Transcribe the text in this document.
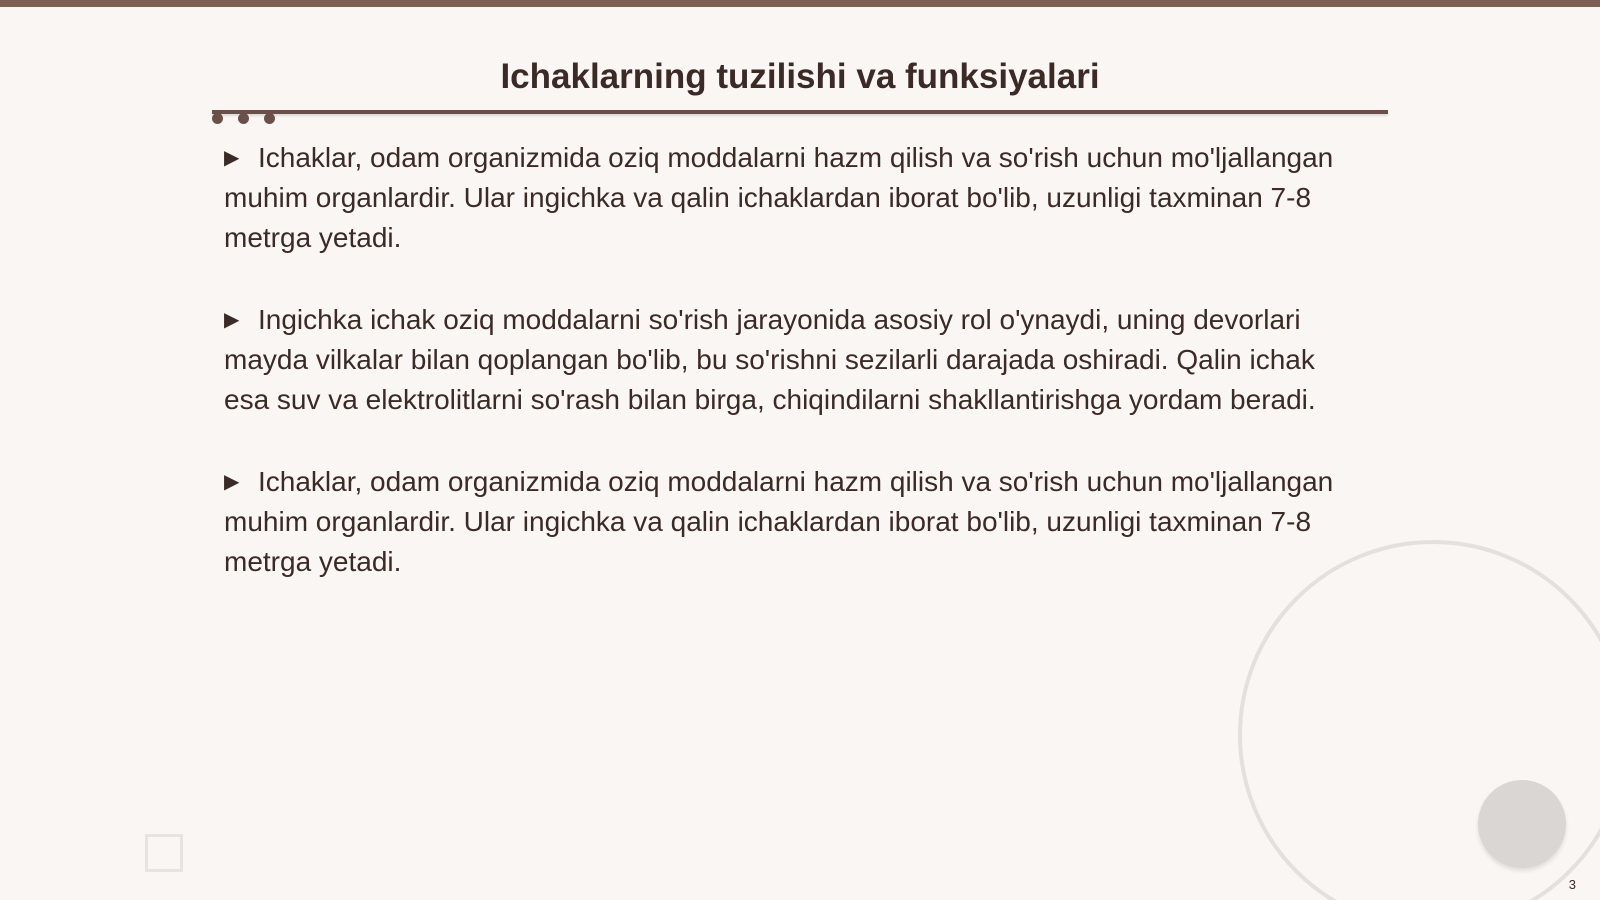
Ichaklarning tuzilishi va funksiyalari
▶ Ichaklar, odam organizmida oziq moddalarni hazm qilish va so'rish uchun mo'ljallangan muhim organlardir. Ular ingichka va qalin ichaklardan iborat bo'lib, uzunligi taxminan 7-8 metrga yetadi.
▶ Ingichka ichak oziq moddalarni so'rish jarayonida asosiy rol o'ynaydi, uning devorlari mayda vilkalar bilan qoplangan bo'lib, bu so'rishni sezilarli darajada oshiradi. Qalin ichak esa suv va elektrolitlarni so'rash bilan birga, chiqindilarni shakllantirishga yordam beradi.
▶ Ichaklar, odam organizmida oziq moddalarni hazm qilish va so'rish uchun mo'ljallangan muhim organlardir. Ular ingichka va qalin ichaklardan iborat bo'lib, uzunligi taxminan 7-8 metrga yetadi.
3
